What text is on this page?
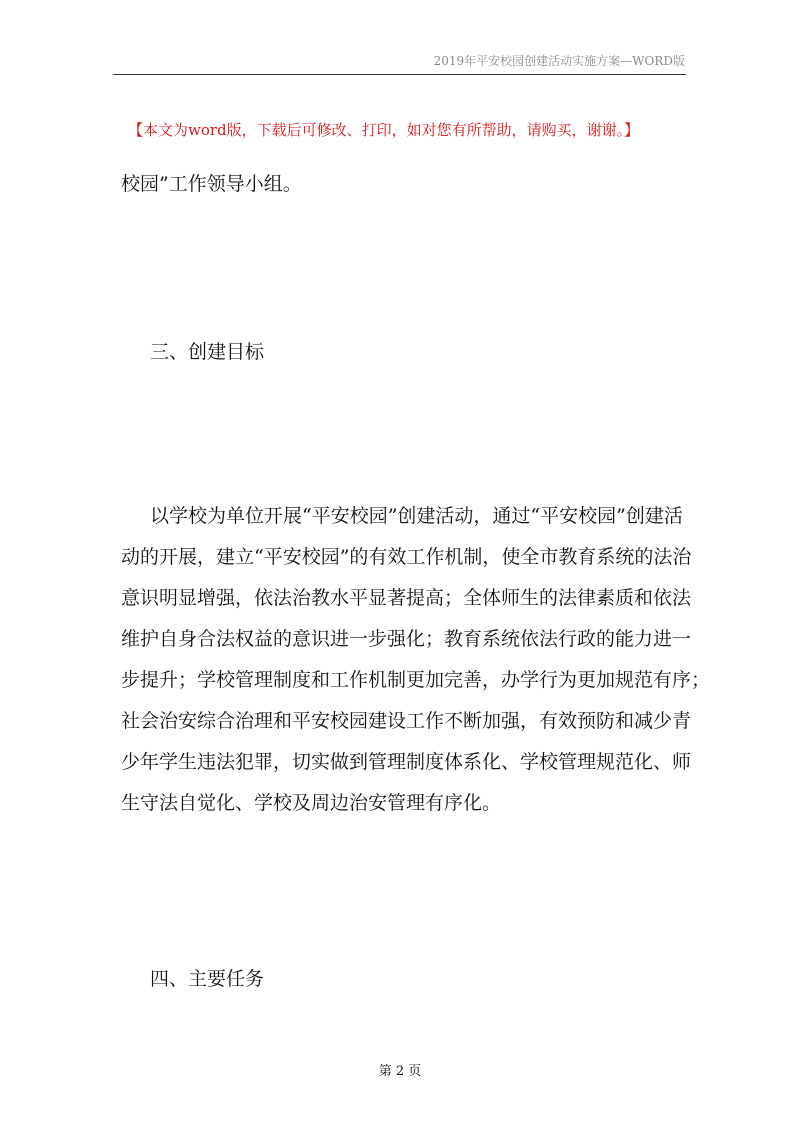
2019年平安校园创建活动实施方案—WORD版
【本文为word版，下载后可修改、打印，如对您有所帮助，请购买，谢谢。】
校园”工作领导小组。
三、创建目标
以学校为单位开展“平安校园”创建活动，通过“平安校园”创建活
动的开展，建立“平安校园”的有效工作机制，使全市教育系统的法治
意识明显增强，依法治教水平显著提高；全体师生的法律素质和依法
维护自身合法权益的意识进一步强化；教育系统依法行政的能力进一
步提升；学校管理制度和工作机制更加完善，办学行为更加规范有序；
社会治安综合治理和平安校园建设工作不断加强，有效预防和减少青
少年学生违法犯罪，切实做到管理制度体系化、学校管理规范化、师
生守法自觉化、学校及周边治安管理有序化。
四、主要任务
第 2 页
